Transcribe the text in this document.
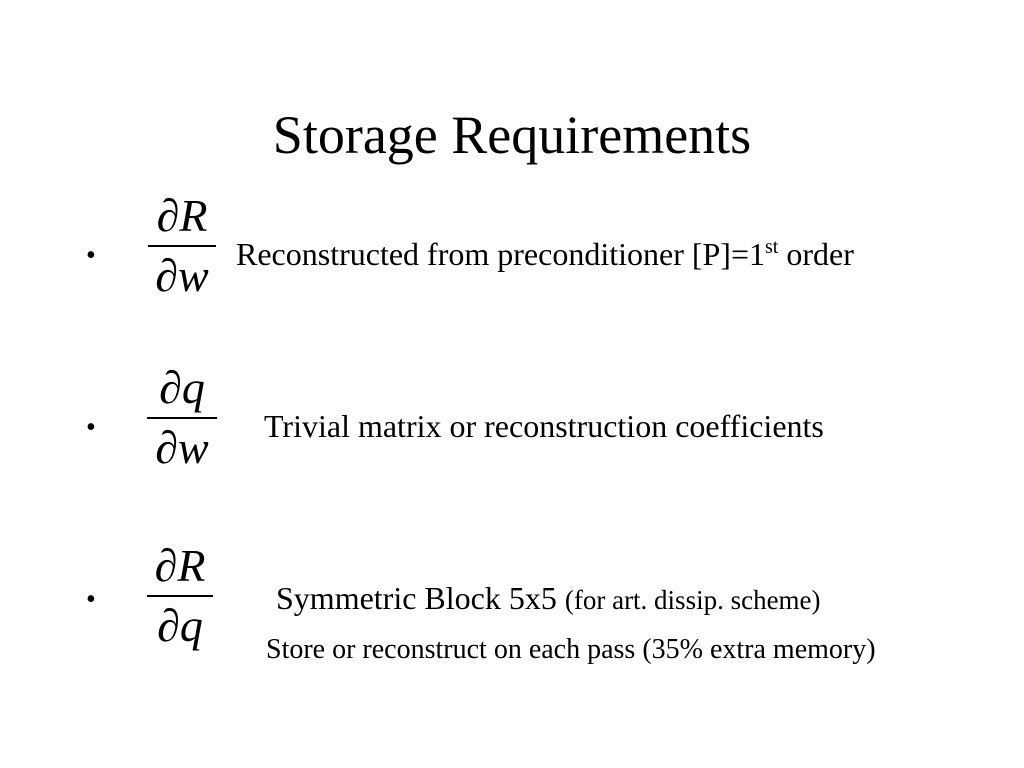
Storage Requirements
•
∂R
∂w Reconstructed from preconditioner [P]=1st order
•
∂q
∂w Trivial matrix or reconstruction coefficients
•
∂R
∂q
Symmetric Block 5x5 (for art. dissip. scheme)
Store or reconstruct on each pass (35% extra memory)
